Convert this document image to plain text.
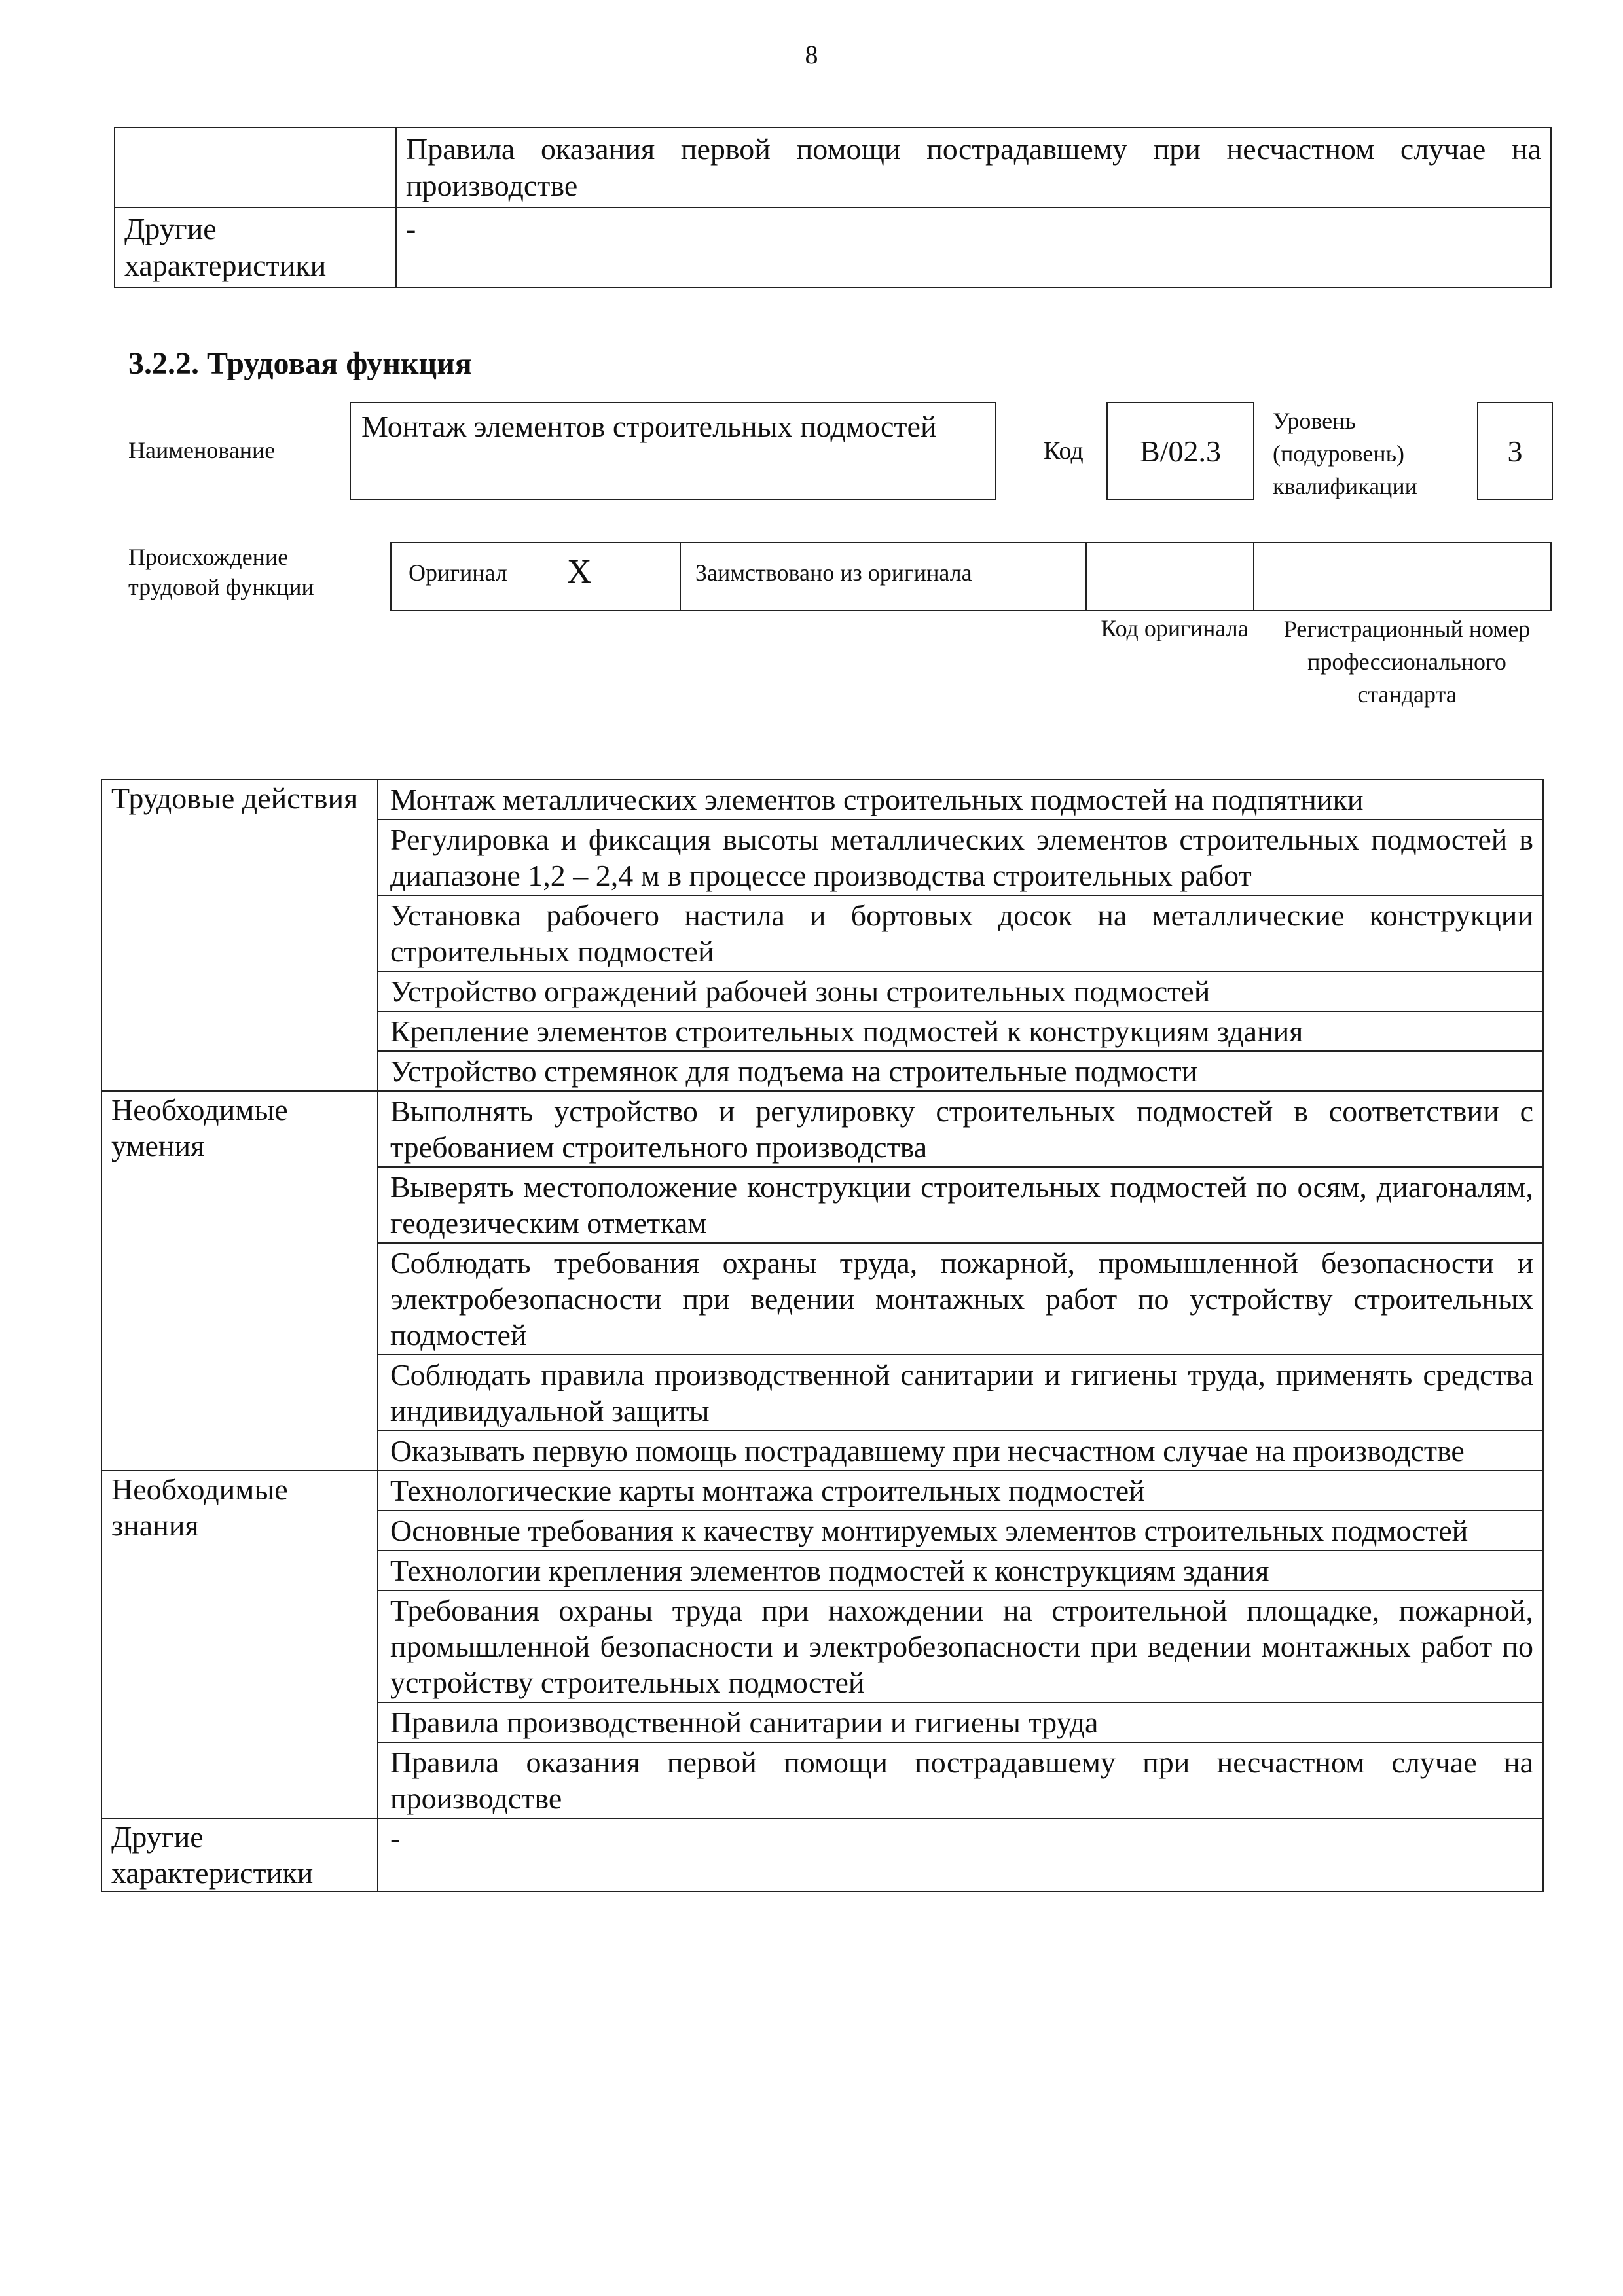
8
	Правила оказания первой помощи пострадавшему при несчастном случае на производстве
Другие характеристики	-
3.2.2. Трудовая функция
Наименование
Монтаж элементов строительных подмостей
Код	B/02.3
Уровень (подуровень) квалификации
3
Происхождение трудовой функции
Оригинал X	Заимствовано из оригинала
Код оригинала	Регистрационный номер профессионального стандарта
Трудовые действия	Монтаж металлических элементов строительных подмостей на подпятники
	Регулировка и фиксация высоты металлических элементов строительных подмостей в диапазоне 1,2 – 2,4 м в процессе производства строительных работ
	Установка рабочего настила и бортовых досок на металлические конструкции строительных подмостей
	Устройство ограждений рабочей зоны строительных подмостей
	Крепление элементов строительных подмостей к конструкциям здания
	Устройство стремянок для подъема на строительные подмости
Необходимые умения	Выполнять устройство и регулировку строительных подмостей в соответствии с требованием строительного производства
	Выверять местоположение конструкции строительных подмостей по осям, диагоналям, геодезическим отметкам
	Соблюдать требования охраны труда, пожарной, промышленной безопасности и электробезопасности при ведении монтажных работ по устройству строительных подмостей
	Соблюдать правила производственной санитарии и гигиены труда, применять средства индивидуальной защиты
	Оказывать первую помощь пострадавшему при несчастном случае на производстве
Необходимые знания	Технологические карты монтажа строительных подмостей
	Основные требования к качеству монтируемых элементов строительных подмостей
	Технологии крепления элементов подмостей к конструкциям здания
	Требования охраны труда при нахождении на строительной площадке, пожарной, промышленной безопасности и электробезопасности при ведении монтажных работ по устройству строительных подмостей
	Правила производственной санитарии и гигиены труда
	Правила оказания первой помощи пострадавшему при несчастном случае на производстве
Другие характеристики	-
